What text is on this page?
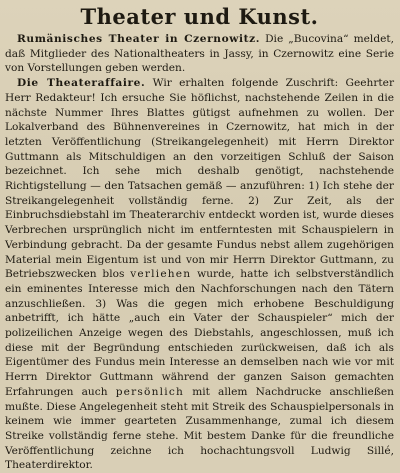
Theater und Kunst.

Rumänisches Theater in Czernowitz. Die „Bucovina“ meldet, daß Mitglieder des Nationaltheaters in Jassy, in Czernowitz eine Serie von Vorstellungen geben werden.

Die Theateraffaire. Wir erhalten folgende Zuschrift: Geehrter Herr Redakteur! Ich ersuche Sie höflichst, nachstehende Zeilen in die nächste Nummer Ihres Blattes gütigst aufnehmen zu wollen. Der Lokalverband des Bühnenvereines in Czernowitz, hat mich in der letzten Veröffentlichung (Streikangelegenheit) mit Herrn Direktor Guttmann als Mitschuldigen an den vorzeitigen Schluß der Saison bezeichnet. Ich sehe mich deshalb genötigt, nachstehende Richtigstellung — den Tatsachen gemäß — anzuführen: 1) Ich stehe der Streikangelegenheit vollständig ferne. 2) Zur Zeit, als der Einbruchsdiebstahl im Theaterarchiv entdeckt worden ist, wurde dieses Verbrechen ursprünglich nicht im entferntesten mit Schauspielern in Verbindung gebracht. Da der gesamte Fundus nebst allem zugehörigen Material mein Eigentum ist und von mir Herrn Direktor Guttmann, zu Betriebszwecken blos verliehen wurde, hatte ich selbstverständlich ein eminentes Interesse mich den Nachforschungen nach den Tätern anzuschließen. 3) Was die gegen mich erhobene Beschuldigung anbetrifft, ich hätte „auch ein Vater der Schauspieler“ mich der polizeilichen Anzeige wegen des Diebstahls, angeschlossen, muß ich diese mit der Begründung entschieden zurückweisen, daß ich als Eigentümer des Fundus mein Interesse an demselben nach wie vor mit Herrn Direktor Guttmann während der ganzen Saison gemachten Erfahrungen auch persönlich mit allem Nachdrucke anschließen mußte. Diese Angelegenheit steht mit Streik des Schauspielpersonals in keinem wie immer gearteten Zusammenhange, zumal ich diesem Streike vollständig ferne stehe. Mit bestem Danke für die freundliche Veröffentlichung zeichne ich hochachtungsvoll Ludwig Sillé, Theaterdirektor.
